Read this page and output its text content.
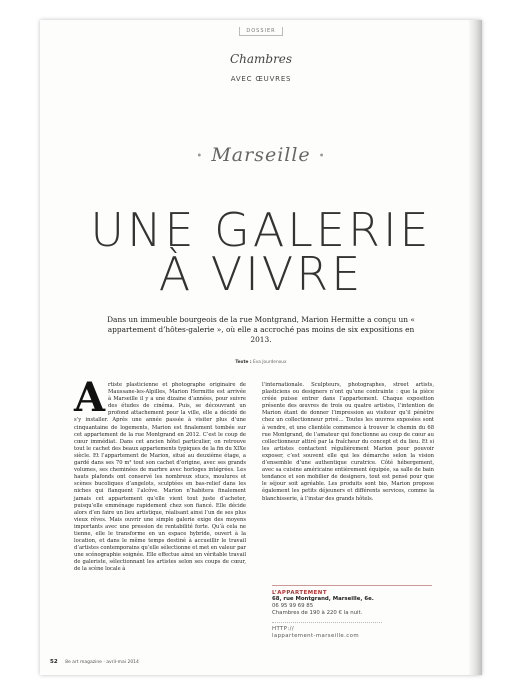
DOSSIER
Chambres
AVEC ŒUVRES
• Marseille •
UNE GALERIE
À VIVRE
Dans un immeuble bourgeois de la rue Montgrand, Marion Hermitte a conçu un « appartement d’hôtes-galerie », où elle a accroché pas moins de six expositions en 2013.
Texte : Eva Jourdenoux
A rtiste plasticienne et photographe originaire de Maussane-les-Alpilles, Marion Hermitte est arrivée à Marseille il y a une dizaine d’années, pour suivre des études de cinéma. Puis, se découvrant un profond attachement pour la ville, elle a décidé de s’y installer. Après une année passée à visiter plus d’une cinquantaine de logements, Marion est finalement tombée sur cet appartement de la rue Montgrand en 2012. C’est le coup de cœur immédiat. Dans cet ancien hôtel particulier, on retrouve tout le cachet des beaux appartements typiques de la fin du XIXe siècle. Et l’appartement de Marion, situé au deuxième étage, a gardé dans ses 70 m² tout son cachet d’origine, avec ses grands volumes, ses cheminées de marbre avec horloges intégrées. Les hauts plafonds ont conservé les nombreux stucs, moulures et scènes bucoliques d’angelots, sculptées en bas-relief dans les niches qui flanquent l’alcôve. Marion n’habitera finalement jamais cet appartement qu’elle vient tout juste d’acheter, puisqu’elle emménage rapidement chez son fiancé. Elle décide alors d’en faire un lieu artistique, réalisant ainsi l’un de ses plus vieux rêves. Mais ouvrir une simple galerie exige des moyens importants avec une pression de rentabilité forte. Qu’à cela ne tienne, elle le transforme en un espace hybride, ouvert à la location, et dans le même temps destiné à accueillir le travail d’artistes contemporains qu’elle sélectionne et met en valeur par une scénographie soignée. Elle effectue ainsi un véritable travail de galeriste, sélectionnant les artistes selon ses coups de cœur, de la scène locale à

l’internationale. Sculpteurs, photographes, street artists, plasticiens ou designers n’ont qu’une contrainte : que la pièce créée puisse entrer dans l’appartement. Chaque exposition présente des œuvres de trois ou quatre artistes, l’intention de Marion étant de donner l’impression au visiteur qu’il pénètre chez un collectionneur privé… Toutes les œuvres exposées sont à vendre, et une clientèle commence à trouver le chemin du 68 rue Montgrand, de l’amateur qui fonctionne au coup de cœur au collectionneur attiré par la fraîcheur du concept et du lieu. Et si les artistes contactent régulièrement Marion pour pouvoir exposer, c’est souvent elle qui les démarche selon la vision d’ensemble d’une authentique curatrice. Côté hébergement, avec sa cuisine américaine entièrement équipée, sa salle de bain tendance et son mobilier de designers, tout est pensé pour que le séjour soit agréable. Les produits sont bio, Marion propose également les petits déjeuners et différents services, comme la blanchisserie, à l’instar des grands hôtels.

L’APPARTEMENT
68, rue Montgrand, Marseille, 6e.
06 95 99 69 85
Chambres de 190 à 220 € la nuit.
HTTP://
lappartement-marseille.com
52 8e art magazine · avril-mai 2014
